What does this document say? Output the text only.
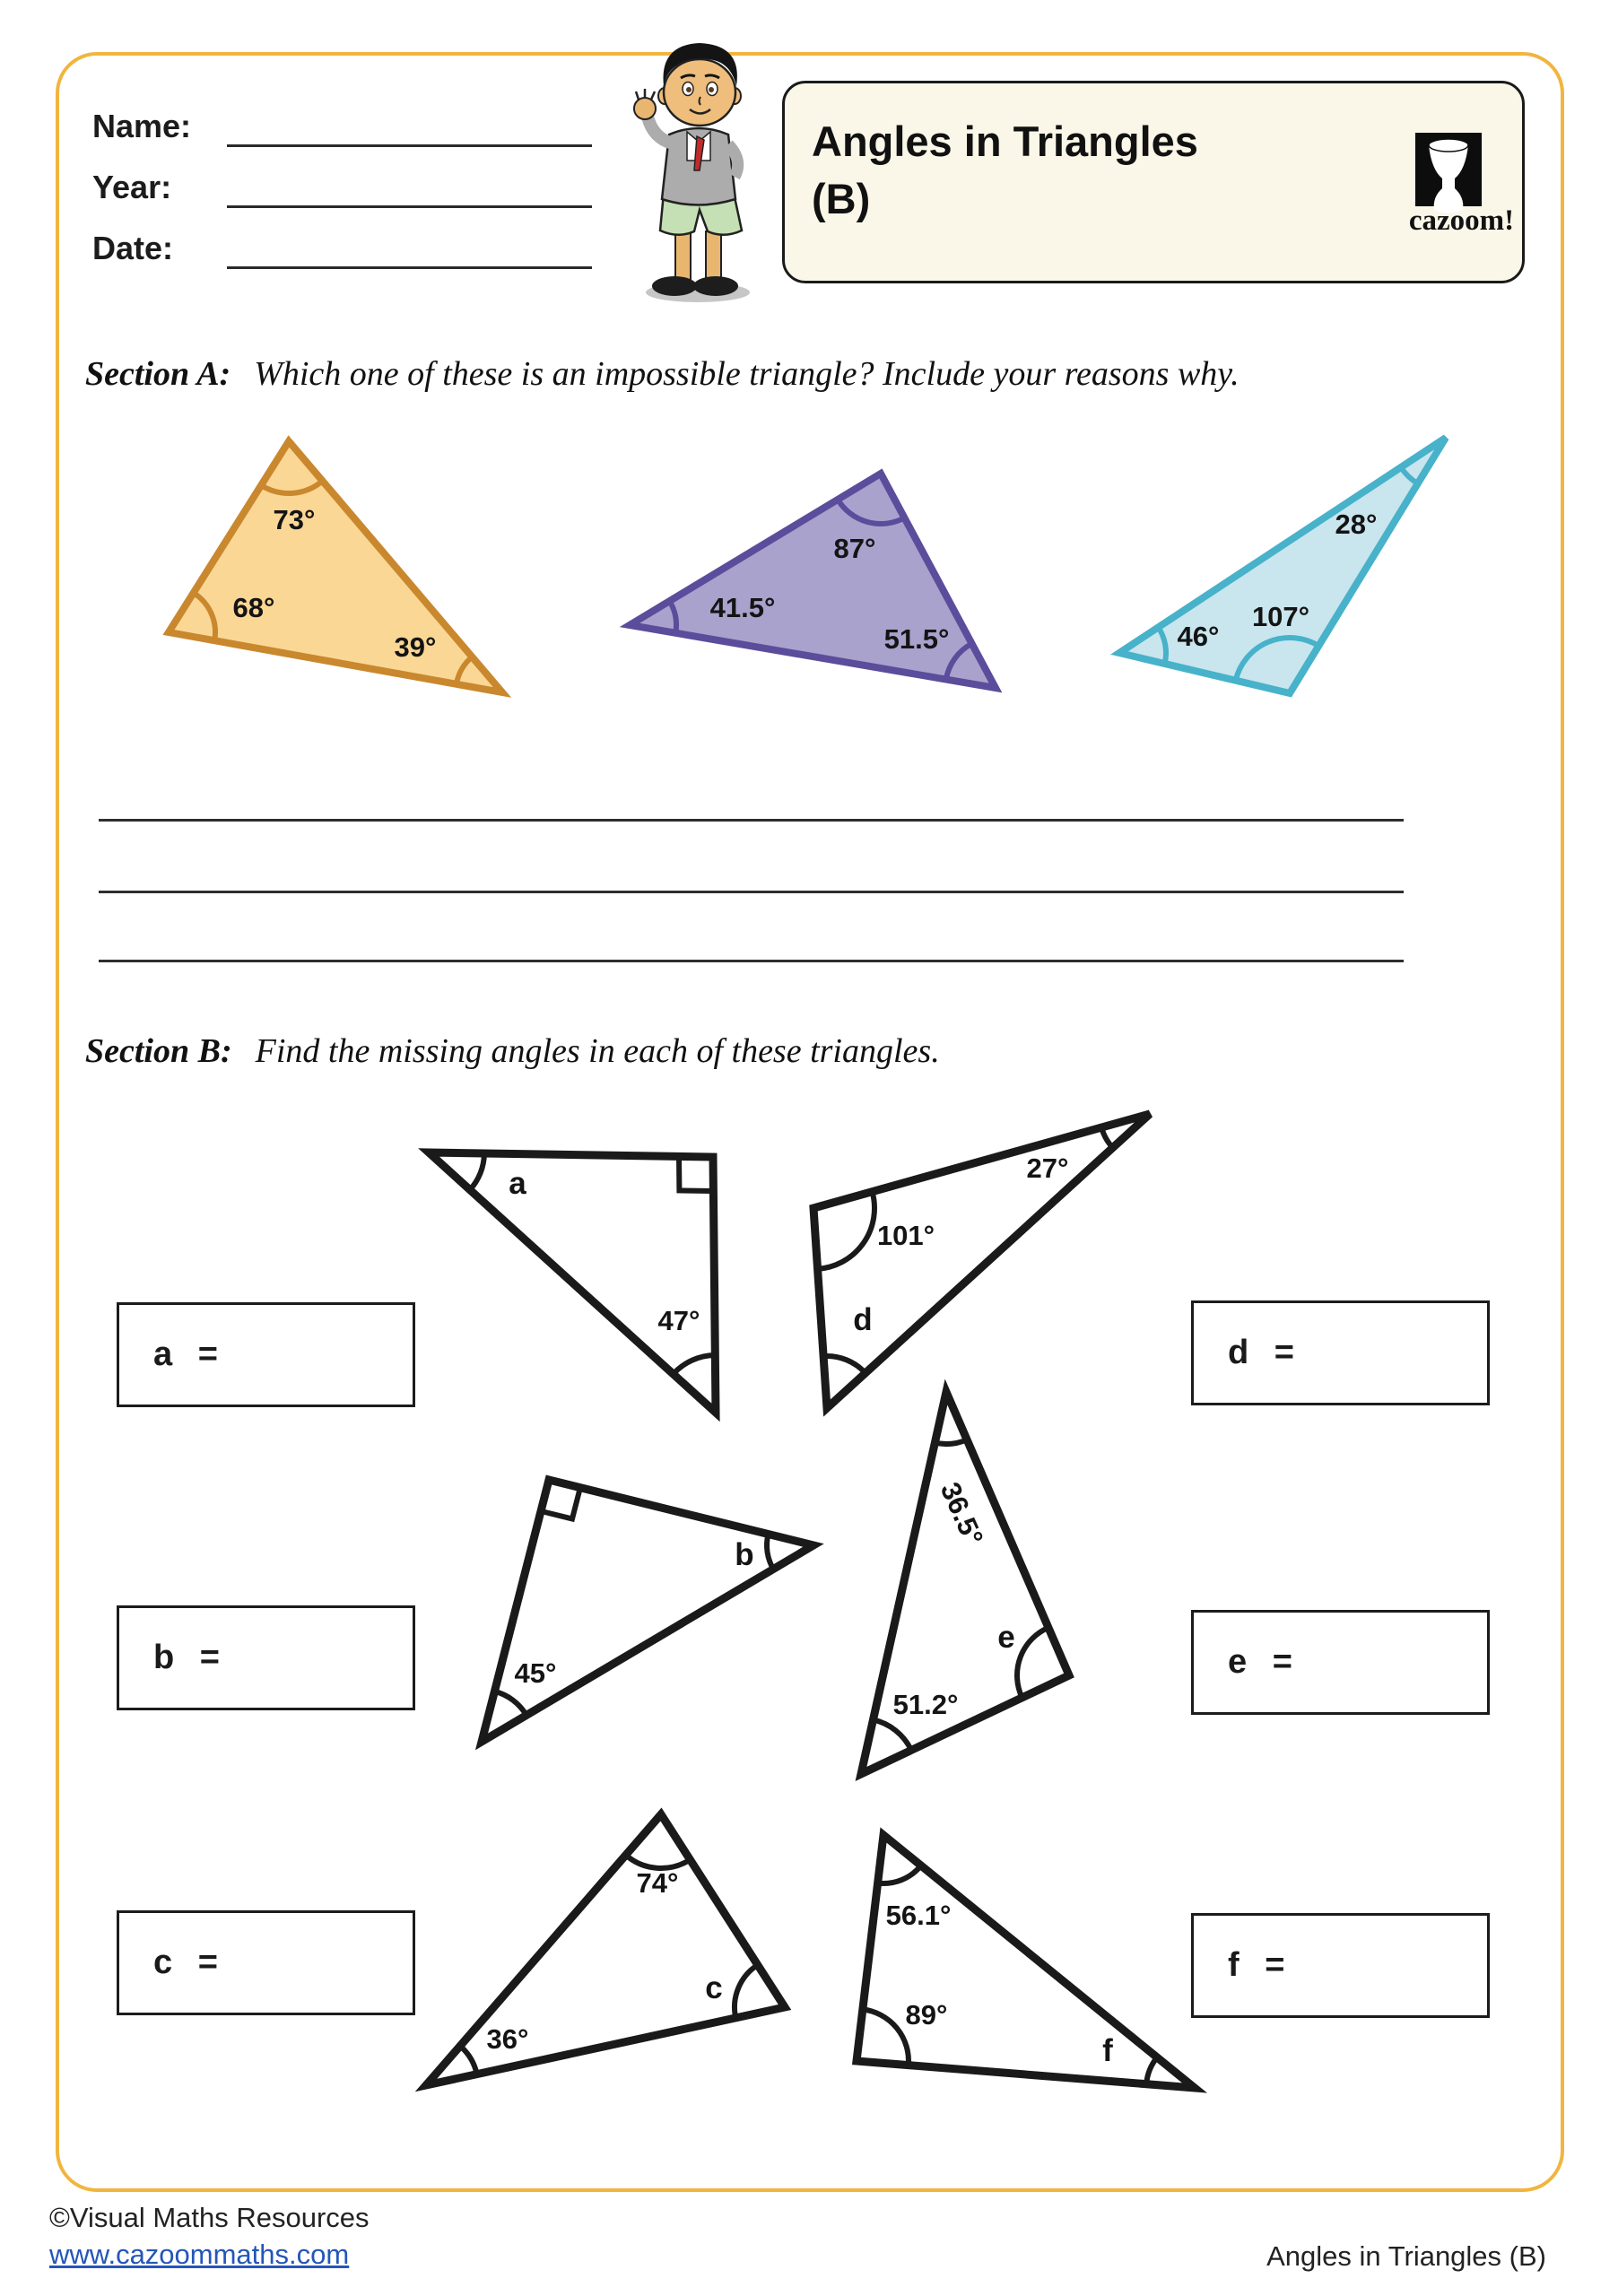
Name:
Year:
Date:
Angles in Triangles
(B)	cazoom!
Section A: Which one of these is an impossible triangle? Include your reasons why.
73°
68°
39°
87°
41.5°
51.5°
28°
46°
107°
Section B: Find the missing angles in each of these triangles.
a
47°
b
45°
74°
36°
c
27°
101°
d
36.5°
e
51.2°
56.1°
89°
f
a =
b =
c =
d =
e =
f =
©Visual Maths Resources
www.cazoommaths.com	Angles in Triangles (B)
